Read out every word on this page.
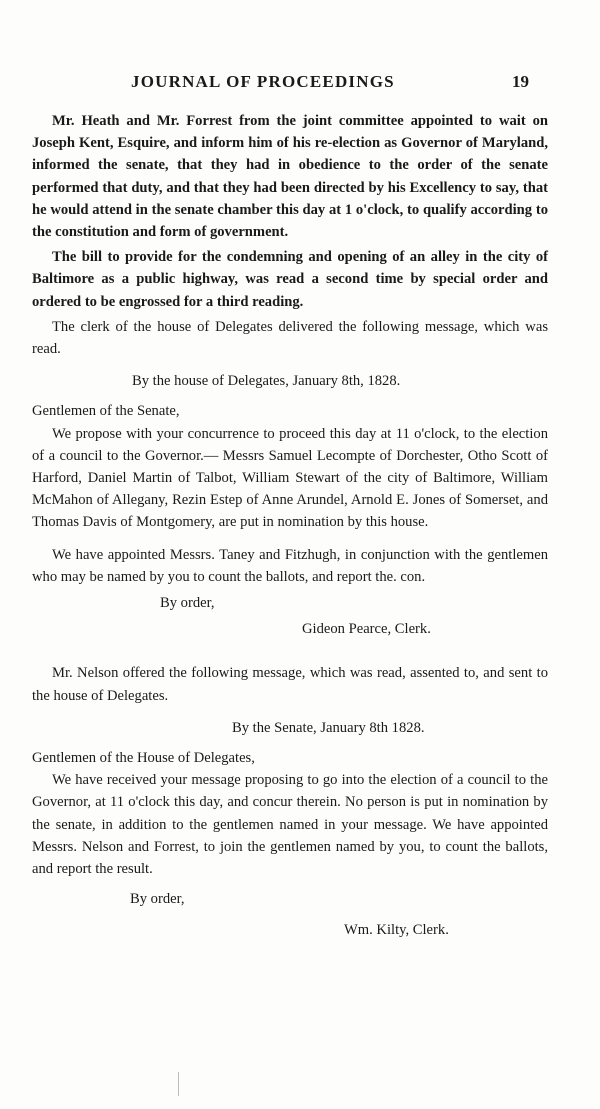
JOURNAL OF PROCEEDINGS	19

Mr. Heath and Mr. Forrest from the joint committee appointed to wait on Joseph Kent, Esquire, and inform him of his re-election as Governor of Maryland, informed the senate, that they had in obedience to the order of the senate performed that duty, and that they had been directed by his Excellency to say, that he would attend in the senate chamber this day at 1 o'clock, to qualify according to the constitution and form of government.

The bill to provide for the condemning and opening of an alley in the city of Baltimore as a public highway, was read a second time by special order and ordered to be engrossed for a third reading.

The clerk of the house of Delegates delivered the following message, which was read.

By the house of Delegates, January 8th, 1828.

Gentlemen of the Senate,

We propose with your concurrence to proceed this day at 11 o'clock, to the election of a council to the Governor.— Messrs Samuel Lecompte of Dorchester, Otho Scott of Harford, Daniel Martin of Talbot, William Stewart of the city of Baltimore, William McMahon of Allegany, Rezin Estep of Anne Arundel, Arnold E. Jones of Somerset, and Thomas Davis of Montgomery, are put in nomination by this house.

We have appointed Messrs. Taney and Fitzhugh, in conjunction with the gentlemen who may be named by you to count the ballots, and report the. con.

By order,

Gideon Pearce, Clerk.

Mr. Nelson offered the following message, which was read, assented to, and sent to the house of Delegates.

By the Senate, January 8th 1828.

Gentlemen of the House of Delegates,

We have received your message proposing to go into the election of a council to the Governor, at 11 o'clock this day, and concur therein. No person is put in nomination by the senate, in addition to the gentlemen named in your message. We have appointed Messrs. Nelson and Forrest, to join the gentlemen named by you, to count the ballots, and report the result.

By order,

Wm. Kilty, Clerk.
